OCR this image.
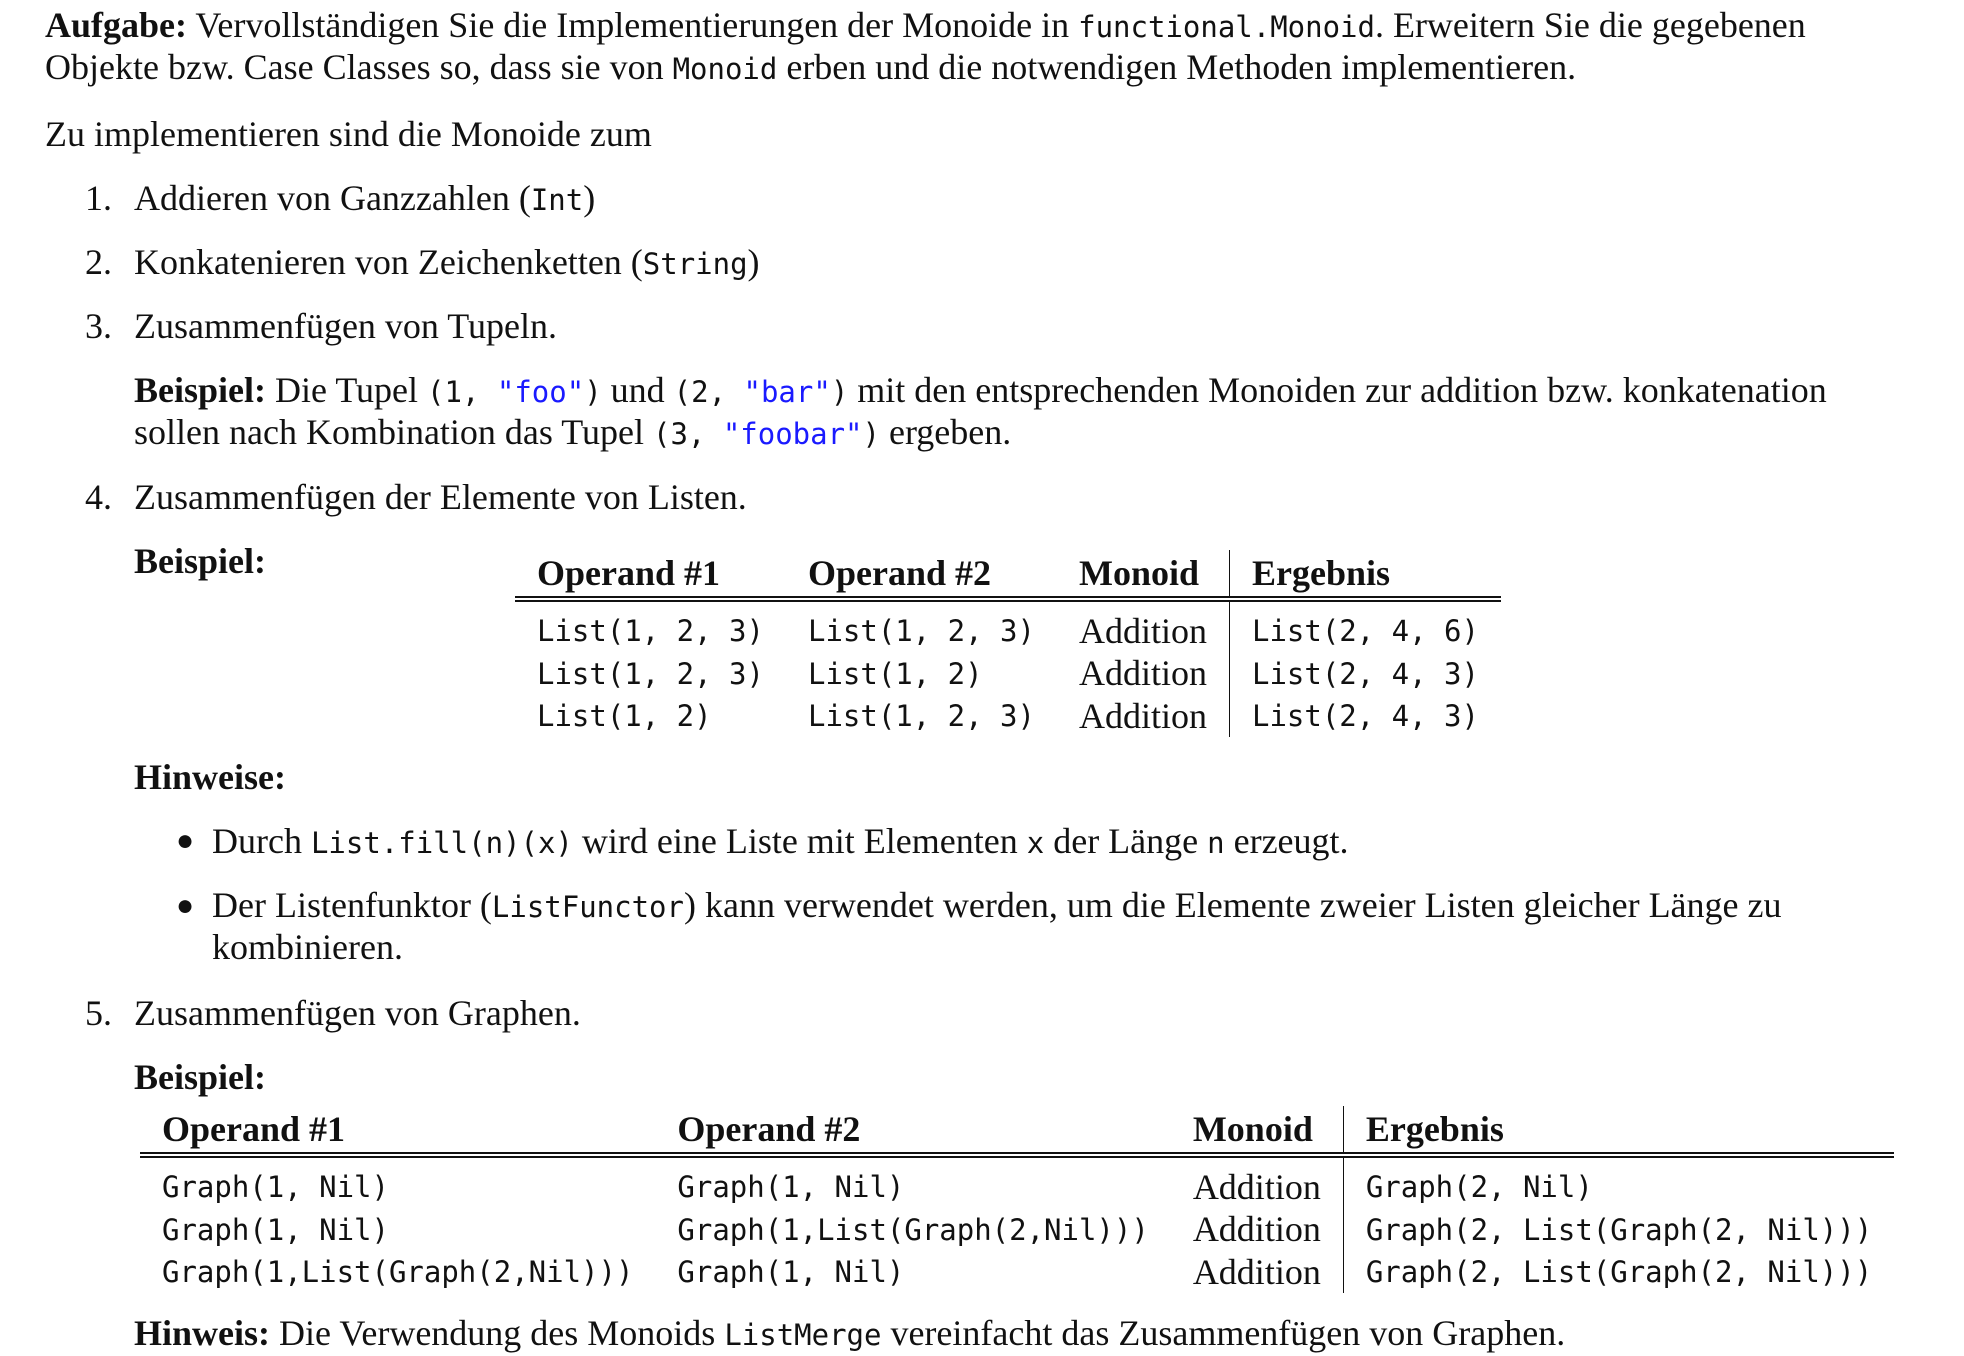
Aufgabe: Vervollständigen Sie die Implementierungen der Monoide in functional.Monoid. Erweitern Sie die gegebenen
Objekte bzw. Case Classes so, dass sie von Monoid erben und die notwendigen Methoden implementieren.
Zu implementieren sind die Monoide zum
1. Addieren von Ganzzahlen (Int)
2. Konkatenieren von Zeichenketten (String)
3. Zusammenfügen von Tupeln.
Beispiel: Die Tupel (1, "foo") und (2, "bar") mit den entsprechenden Monoiden zur addition bzw. konkatenation
sollen nach Kombination das Tupel (3, "foobar") ergeben.
4. Zusammenfügen der Elemente von Listen.
Beispiel:	Operand #1	Operand #2	Monoid	Ergebnis
List(1, 2, 3)	List(1, 2, 3)	Addition	List(2, 4, 6)
List(1, 2, 3)	List(1, 2)	Addition	List(2, 4, 3)
List(1, 2)	List(1, 2, 3)	Addition	List(2, 4, 3)
Hinweise:
● Durch List.fill(n)(x) wird eine Liste mit Elementen x der Länge n erzeugt.
● Der Listenfunktor (ListFunctor) kann verwendet werden, um die Elemente zweier Listen gleicher Länge zu
kombinieren.
5. Zusammenfügen von Graphen.
Beispiel:
Operand #1	Operand #2	Monoid	Ergebnis
Graph(1, Nil)	Graph(1, Nil)	Addition	Graph(2, Nil)
Graph(1, Nil)	Graph(1,List(Graph(2,Nil)))	Addition	Graph(2, List(Graph(2, Nil)))
Graph(1,List(Graph(2,Nil)))	Graph(1, Nil)	Addition	Graph(2, List(Graph(2, Nil)))
Hinweis: Die Verwendung des Monoids ListMerge vereinfacht das Zusammenfügen von Graphen.
